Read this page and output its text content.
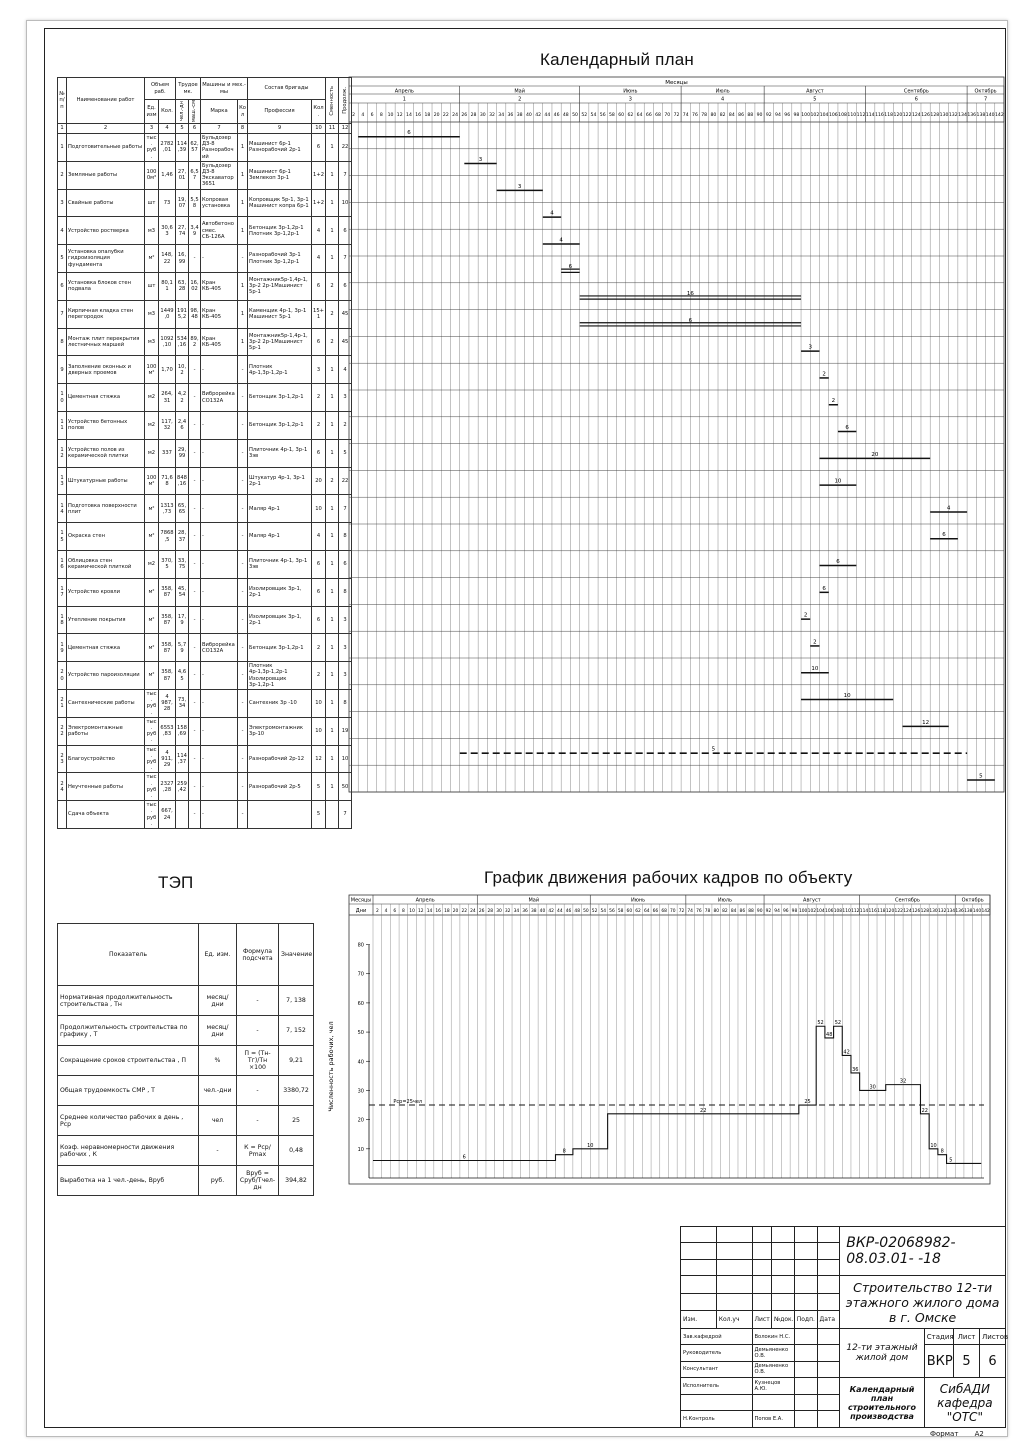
Календарный план
График движения рабочих кадров по объекту
ТЭП
№ п/п	Наименование работ	Объем раб.		Трудоемк.		Машины и мех.-мы		Состав бригады		Сменность	Продолж.

		Ед. изм	Кол.	чел.-дн	маш.-см	Марка	Кол	Профессия	Кол.		
1	2	3	4	5	6	7	8	9	10	11	12
1	Подготовительные работы	тыс. руб.	2782,01	114,39	62,57	Бульдозер ДЗ-8 Разнорабочий	1	Машинист 6р-1 Разнорабочий 2р-1	6	1	22
2	Земляные работы	1000м³	1,46	27,01	6,57	Бульдозер ДЗ-8 Экскаватор 3651	1	Машинист 6р-1 Землекоп 3р-1	1+2	1	7
3	Свайные работы	шт	73	19,07	5,58	Копровая установка	1	Копровщик 5р-1, 3р-1 Машинист копра 6р-1	1+2	1	10
4	Устройство ростверка	м3	30,63	27,74	3,49	Автобетоносмес. СБ-126А	1	Бетонщик 3р-1,2р-1 Плотник 3р-1,2р-1	4	1	6
5	Установка опалубки гидроизоляция фундамента	м²	148,22	16,99	-	-	-	Разнорабочий 3р-1 Плотник 3р-1,2р-1	4	1	7
6	Установка блоков стен подвала	шт	80,11	63,28	16,02	Кран КБ-405	1	Монтажник5р-1,4р-1,3р-2 2р-1Машинист 5р-1	6	2	6
7	Кирпичная кладка стен перегородок	м3	1449,0	1915,2	98,48	Кран КБ-405	1	Каменщик 4р-1, 3р-1 Машинист 5р-1	15+1	2	45
8	Монтаж плит перекрытия лестничных маршей	м3	1092,10	534,16	89,2	Кран КБ-405	1	Монтажник5р-1,4р-1,3р-2 2р-1Машинист 5р-1	6	2	45
9	Заполнение оконных и дверных проемов	100м²	1,70	10,2	-	-	-	Плотник 4р-1,3р-1,2р-1	3	1	4
10	Цементная стяжка	м2	264,31	4,22	-	Виброрейка СО132А	-	Бетонщик 3р-1,2р-1	2	1	3
11	Устройство бетонных полов	м2	117,32	2,46	-	-	-	Бетонщик 3р-1,2р-1	2	1	2
12	Устройство полов из керамической плитки	м2	337	29,99	-	-	-	Плиточник 4р-1, 3р-1 3эв	6	1	5
13	Штукатурные работы	100м²	71,68	848,16	-	-	-	Штукатур 4р-1, 3р-1 2р-1	20	2	22
14	Подготовка поверхности плит	м²	1313,73	65,65	-	-	-	Маляр 4р-1	10	1	7
15	Окраска стен	м²	7868,5	28,37	-	-	-	Маляр 4р-1	4	1	8
16	Облицовка стен керамической плиткой	м2	370,5	33,75	-	-	-	Плиточник 4р-1, 3р-1 3эв	6	1	6
17	Устройство кровли	м²	358,87	45,54	-	-	-	Изолировщик 3р-1, 2р-1	6	1	8
18	Утепление покрытия	м²	358,87	17,9	-	-	-	Изолировщик 3р-1, 2р-1	6	1	3
19	Цементная стяжка	м²	358,87	5,79	-	Виброрейка СО132А	-	Бетонщик 3р-1,2р-1	2	1	3
20	Устройство пароизоляции	м²	358,87	4,65	-	-	-	Плотник 4р-1,3р-1,2р-1 Изолировщик 3р-1,2р-1	2	1	3
21	Сантехнические работы	тыс. руб.	4 987,28	73,34	-	-	-	Сантехник 3р -10	10	1	8
22	Электромонтажные работы	тыс. руб.	6553,83	158,69	-	-	-	Электромонтажник 3р-10	10	1	19
23	Благоустройство	тыс. руб.	4 911,29	114,37	-	-	-	Разнорабочий 2р-12	12	1	10
24	Неучтенные работы	тыс. руб.	2327,28	259,42	-	-	-	Разнорабочий 2р-5	5	1	50
	Сдача объекта	тыс. руб.	667,24		-	-	-		5		7
Месяцы
Апрель
1
Май
2
Июнь
3
Июль
4
Август
5
Сентябрь
6
Октябрь
7
2 4 6 8 10 12 14 16 18 20 22 24 26 28 30 32 34 36 38 40 42 44 46 48 50 52 54 56 58 60 62 64 66 68 70 72 74 76 78 80 82 84 86 88 90 92 94 96 98 100 102 104 106 108 110 112 114 116 118 120 122 124 126 128 130 132 134 136 138 140 142
6
3
3
4
4
6
16
6
3
2
2
6
20
10
4
6
6
6
2
2
10
10
12
5
5
Месяцы
Дни
Апрель	Май	Июнь	Июль	Август	Сентябрь	Октябрь
2 4 6 8 10 12 14 16 18 20 22 24 26 28 30 32 34 36 38 40 42 44 46 48 50 52 54 56 58 60 62 64 66 68 70 72 74 76 78 80 82 84 86 88 90 92 94 96 98 100 102 104 106 108 110 112 114 116 118 120 122 124 126 128 130 132 134 136 138 140 142
10
20
30
40
50
60
70
80
Численность рабочих, чел	Рср=25чел
6
8
10
22
25
52
48
52
42
36
30
32
22
10
8
5
Показатель	Ед. изм.	Формула подсчета	Значение
Нормативная продолжительность строительства , Тн	месяц/дни	-	7, 138
Продолжительность строительства по графику , Т	месяц/дни	-	7, 152
Сокращение сроков строительства , П	%	П = (Тн-Тг)/Тн ×100	9,21
Общая трудоемкость СМР , Т	чел.-дни	-	3380,72
Среднее количество рабочих в день , Рср	чел	-	25
Коэф. неравномерности движения рабочих , К	-	К = Рср/Рmax	0,48
Выработка на 1 чел.-день, Вруб	руб.	Вруб = Сруб/Тчел-дн	394,82
						ВКР-02068982-08.03.01- -18			

						Строительство 12-ти этажного жилого дома в г. Омске			

Изм.	Кол.уч	Лист	№док.	Подп.	Дата				
Зав.кафедрой		Волокин Н.С.				12-ти этажный жилой дом	Стадия	Лист	Листов
Руководитель		Демьяненко О.В.					ВКР	5	6
Консультант		Демьяненко О.В.							
Исполнитель		Кузнецов А.Ю.				Календарный план строительного производства	СибАДИ кафедра "ОТС"		

Н.Контроль		Попов Е.А.							
Формат А2
